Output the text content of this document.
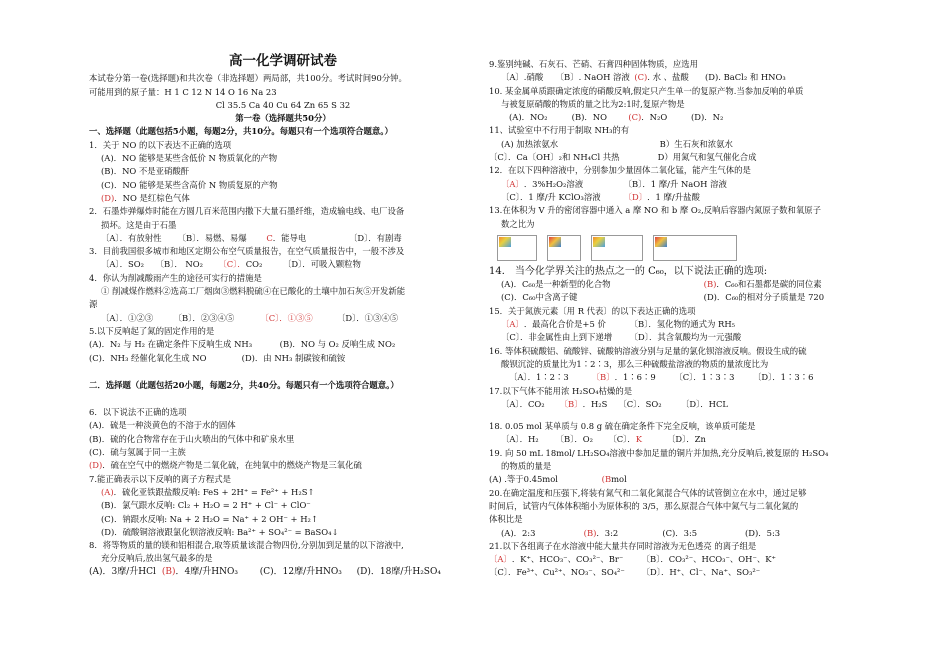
高一化学调研试卷
本试卷分第一卷(选择题)和共次卷（非选择题）两局部，共100分。考试时间90分钟。
可能用到的原子量：H 1 C 12 N 14 O 16 Na 23
Cl 35.5 Ca 40 Cu 64 Zn 65 S 32
第一卷（选择题共50分）
一、选择题（此题包括5小题，每题2分，共10分。每题只有一个选项符合题意。）
1．关于 NO 的以下表达不正确的选项
(A)．NO 能够是某些含低价 N 物质氧化的产物
(B)．NO 不是亚硝酸酐
(C)．NO 能够是某些含高价 N 物质复原的产物
(D)．NO 是红棕色气体
2．石墨炸弹爆炸时能在方圆几百米范围内撒下大量石墨纤维，造成输电线、电厂设备
损坏。这是由于石墨
〔A〕．有放射性 〔B〕．易燃、易爆 C．能导电	〔D〕．有剧毒
3．目前我国很多城市和地区定期公布空气质量报告，在空气质量报告中，一般不涉及
〔A〕．SO₂ 〔B〕． NO₂ 〔C〕．CO₂ 〔D〕．可吸入颗粒物
4．你认为削减酸雨产生的途径可实行的措施是
① 削减煤作燃料②选高工厂烟囱③燃料脱硫④在已酸化的土壤中加石灰⑤开发新能
源
〔A〕．①②③ 〔B〕．②③④⑤	〔C〕．①③⑤	〔D〕．①③④⑤
5.以下反响起了氮的固定作用的是
(A)．N₂ 与 H₂ 在确定条件下反响生成 NH₃	(B)．NO 与 O₂ 反响生成 NO₂
(C)．NH₃ 经催化氧化生成 NO	(D)．由 NH₃ 制碳铵和硫铵
二．选择题（此题包括20小题，每题2分，共40分。每题只有一个选项符合题意。）
6．以下说法不正确的选项
(A)．硫是一种淡黄色的不溶于水的固体
(B)．硫的化合物常存在于山火喷出的气体中和矿泉水里
(C)．硫与氢属于同一主族
(D)．硫在空气中的燃烧产物是二氧化硫，在纯氧中的燃烧产物是三氧化硫
7.能正确表示以下反响的离子方程式是
(A)．硫化亚铁跟盐酸反响: FeS + 2H⁺ = Fe²⁺ + H₂S↑
(B)．氯气跟水反响: Cl₂ + H₂O = 2 H⁺ + Cl⁻ + ClO⁻
(C)．钠跟水反响: Na + 2 H₂O = Na⁺ + 2 OH⁻ + H₂↑
(D)．硫酸铜溶液跟氯化钡溶液反响: Ba²⁺ + SO₄²⁻ = BaSO₄↓
8．将等物质的量的镁和铝相混合,取等质量该混合物四份,分别加到足量的以下溶液中,
充分反响后,放出氢气最多的是
(A)．3摩/升HCl (B)．4摩/升HNO₃ (C)．12摩/升HNO₃ (D)．18摩/升H₂SO₄
9.鉴别纯碱、石灰石、芒硝、石膏四种固体物质，应选用
〔A〕.硝酸 〔B〕. NaOH 溶液 (C). 水 、盐酸 (D). BaCl₂ 和 HNO₃
10. 某金属单质跟确定浓度的硝酸反响,假定只产生单一的复原产物.当参加反响的单质
与被复原硝酸的物质的量之比为2:1时,复原产物是
(A)．NO₂	(B)．NO	(C)．N₂O	(D)．N₂
11、试验室中不行用于制取 NH₃的有
(A) 加热浓氨水	B）生石灰和浓氨水
〔C〕．Ca〔OH〕₂和 NH₄Cl 共热	D）用氮气和氢气催化合成
12．在以下四种溶液中，分别参加少量固体二氧化锰，能产生气体的是
〔A〕．3%H₂O₂溶液	〔B〕．1 摩/升 NaOH 溶液
〔C〕．1 摩/升 KClO₃溶液	〔D〕．1 摩/升盐酸
13.在体积为 V 升的密闭容器中通入 a 摩 NO 和 b 摩 O₂,反响后容器内氮原子数和氧原子
数之比为
14． 当今化学界关注的热点之一的 C₆₀，以下说法正确的选项:
(A)．C₆₀是一种新型的化合物	(B)．C₆₀和石墨都是碳的同位素
(C)．C₆₀中含离子键	(D)．C₆₀的相对分子质量是 720
15．关于氮族元素〔用 R 代表〕的以下表达正确的选项
〔A〕．最高化合价是+5 价	〔B〕．氢化物的通式为 RH₅
〔C〕．非金属性由上到下递增 〔D〕．其含氧酸均为一元强酸
16. 等体积硫酸铝、硫酸锌、硫酸钠溶液分别与足量的氯化钡溶液反响。假设生成的硫
酸钡沉淀的质量比为1∶2∶3，那么三种硫酸盐溶液的物质的量浓度比为
〔A〕．1∶2∶3	〔B〕．1∶6∶9 〔C〕．1∶3∶3 〔D〕．1∶3∶6
17.以下气体不能用浓 H₂SO₄枯燥的是
〔A〕．CO₂ 〔B〕．H₂S 〔C〕．SO₂ 〔D〕．HCL
18. 0.05 mol 某单质与 0.8 g 硫在确定条件下完全反响，该单质可能是
〔A〕．H₂ 〔B〕．O₂ 〔C〕．K	〔D〕．Zn
19. 向 50 mL 18mol/ LH₂SO₄溶液中参加足量的铜片并加热,充分反响后,被复原的 H₂SO₄
的物质的量是
(A) .等于0.45mol	(Bmol
20.在确定温度和压强下,将装有氮气和二氧化氮混合气体的试管倒立在水中，通过足够
时间后，试管内气体体积缩小为原体积的 3/5，那么原混合气体中氮气与二氧化氮的
体积比是
(A)．2:3	(B)．3:2	(C)．3:5	(D)．5:3
21.以下各组离子在水溶液中能大量共存同时溶液为无色透亮 的离子组是
〔A〕．K⁺、HCO₃⁻、CO₃²⁻、Br⁻ 〔B〕．CO₃²⁻、HCO₃⁻、OH⁻、K⁺
〔C〕．Fe³⁺、Cu²⁺、NO₃⁻、SO₄²⁻ 〔D〕．H⁺、Cl⁻、Na⁺、SO₃²⁻
